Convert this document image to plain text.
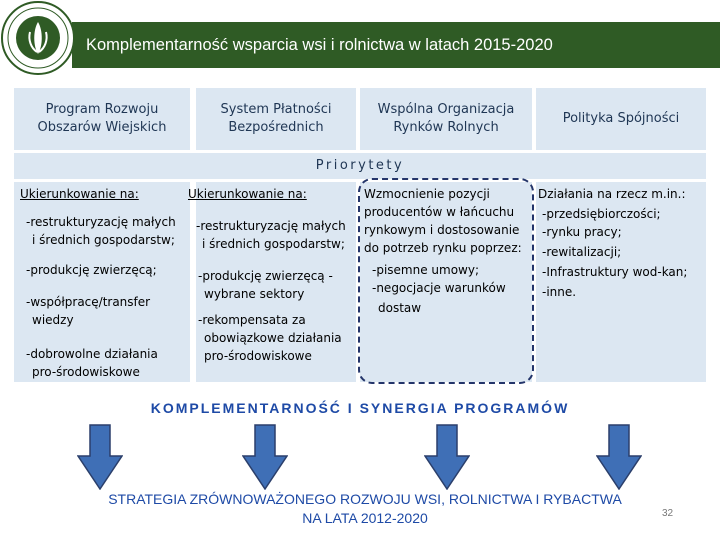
Komplementarność wsparcia wsi i rolnictwa w latach 2015-2020
Program Rozwoju
Obszarów Wiejskich
System Płatności
Bezpośrednich
Wspólna Organizacja
Rynków Rolnych
Polityka Spójności
Priorytety
Ukierunkowanie na:
-restrukturyzację małych
i średnich gospodarstw;
-produkcję zwierzęcą;
-współpracę/transfer
wiedzy
-dobrowolne działania
pro-środowiskowe
Ukierunkowanie na:
-restrukturyzację małych
i średnich gospodarstw;
-produkcję zwierzęcą -
wybrane sektory
-rekompensata za
obowiązkowe działania
pro-środowiskowe
Wzmocnienie pozycji
producentów w łańcuchu
rynkowym i dostosowanie
do potrzeb rynku poprzez:
-pisemne umowy;
-negocjacje warunków
dostaw
Działania na rzecz m.in.:
-przedsiębiorczości;
-rynku pracy;
-rewitalizacji;
-Infrastruktury wod-kan;
-inne.
KOMPLEMENTARNOŚĆ I SYNERGIA PROGRAMÓW
STRATEGIA ZRÓWNOWAŻONEGO ROZWOJU WSI, ROLNICTWA I RYBACTWA
NA LATA 2012-2020	32
